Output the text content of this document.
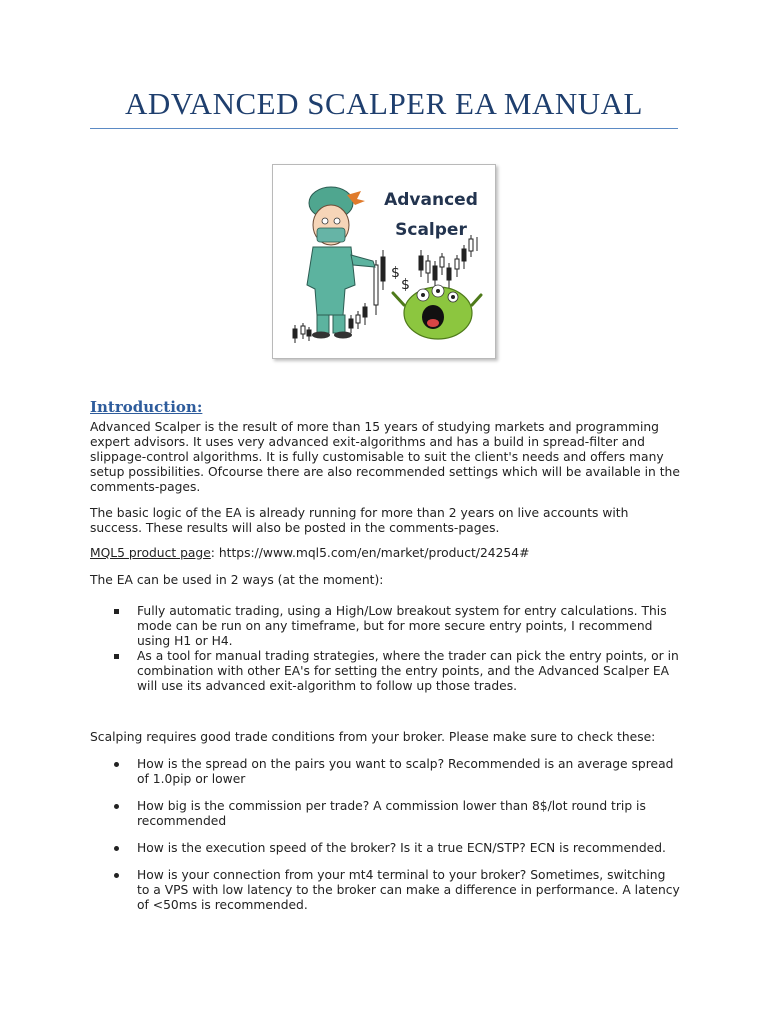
ADVANCED SCALPER EA MANUAL
Advanced
Scalper
$
$
Introduction:

Advanced Scalper is the result of more than 15 years of studying markets and programming expert advisors. It uses very advanced exit-algorithms and has a build in spread-filter and slippage-control algorithms. It is fully customisable to suit the client's needs and offers many setup possibilities. Ofcourse there are also recommended settings which will be available in the comments-pages.

The basic logic of the EA is already running for more than 2 years on live accounts with success. These results will also be posted in the comments-pages.

MQL5 product page: https://www.mql5.com/en/market/product/24254#

The EA can be used in 2 ways (at the moment):

Fully automatic trading, using a High/Low breakout system for entry calculations. This mode can be run on any timeframe, but for more secure entry points, I recommend using H1 or H4.
As a tool for manual trading strategies, where the trader can pick the entry points, or in combination with other EA's for setting the entry points, and the Advanced Scalper EA will use its advanced exit-algorithm to follow up those trades.

Scalping requires good trade conditions from your broker. Please make sure to check these:

How is the spread on the pairs you want to scalp? Recommended is an average spread of 1.0pip or lower
How big is the commission per trade? A commission lower than 8$/lot round trip is recommended
How is the execution speed of the broker? Is it a true ECN/STP? ECN is recommended.
How is your connection from your mt4 terminal to your broker? Sometimes, switching to a VPS with low latency to the broker can make a difference in performance. A latency of <50ms is recommended.
